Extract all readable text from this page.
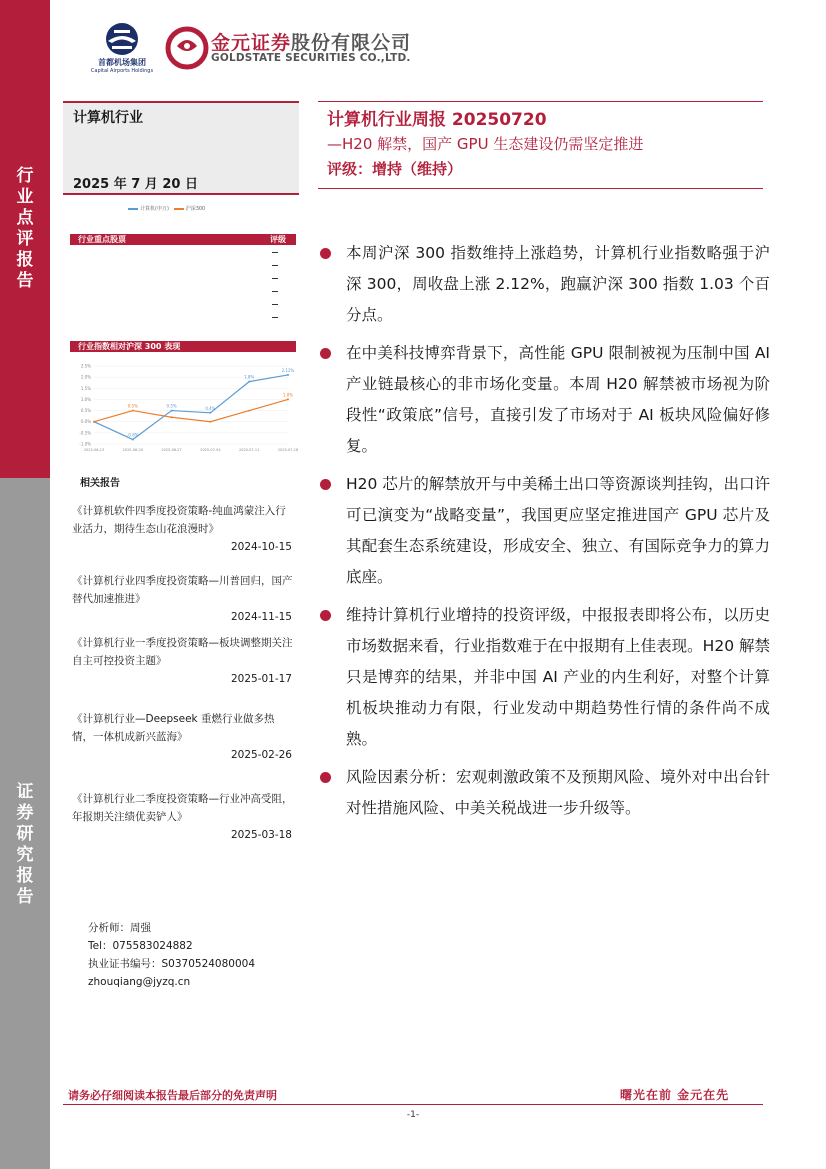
行
业
点
评
报
告
证
券
研
究
报
告
首都机场集团
Capital Airports Holdings
金元证券股份有限公司
GOLDSTATE SECURITIES CO.,LTD.
计算机行业
2025 年 7 月 20 日
计算机行业周报 20250720
—H20 解禁，国产 GPU 生态建设仍需坚定推进
评级：增持（维持）
计算机(申万)	沪深300
行业重点股票	评级
行业指数相对沪深 300 表现
2.5%
2.0%
1.5%
1.0%
0.5%
0.0%
-0.5%
-1.0%
2025-06-13	2025-06-20	2025-06-27	2025-07-04	2025-07-11	2025-07-18
2.12%
1.8%
0.5%	0.4%
-0.8%
1.0%
0.5%
相关报告
《计算机软件四季度投资策略-纯血鸿蒙注入行业活力，期待生态山花浪漫时》
2024-10-15
《计算机行业四季度投资策略—川普回归，国产替代加速推进》
2024-11-15
《计算机行业一季度投资策略—板块调整期关注自主可控投资主题》
2025-01-17
《计算机行业—Deepseek 重燃行业做多热情，一体机成新兴蓝海》
2025-02-26
《计算机行业二季度投资策略—行业冲高受阻，年报期关注绩优卖铲人》
2025-03-18
分析师：周强
Tel：075583024882
执业证书编号：S0370524080004
zhouqiang@jyzq.cn
本周沪深 300 指数维持上涨趋势，计算机行业指数略强于沪深 300，周收盘上涨 2.12%，跑赢沪深 300 指数 1.03 个百分点。
在中美科技博弈背景下，高性能 GPU 限制被视为压制中国 AI 产业链最核心的非市场化变量。本周 H20 解禁被市场视为阶段性“政策底”信号，直接引发了市场对于 AI 板块风险偏好修复。
H20 芯片的解禁放开与中美稀土出口等资源谈判挂钩，出口许可已演变为“战略变量”，我国更应坚定推进国产 GPU 芯片及其配套生态系统建设，形成安全、独立、有国际竞争力的算力底座。
维持计算机行业增持的投资评级，中报报表即将公布，以历史市场数据来看，行业指数难于在中报期有上佳表现。H20 解禁只是博弈的结果，并非中国 AI 产业的内生利好，对整个计算机板块推动力有限，行业发动中期趋势性行情的条件尚不成熟。
风险因素分析：宏观刺激政策不及预期风险、境外对中出台针对性措施风险、中美关税战进一步升级等。
请务必仔细阅读本报告最后部分的免责声明	曙光在前 金元在先
-1-
